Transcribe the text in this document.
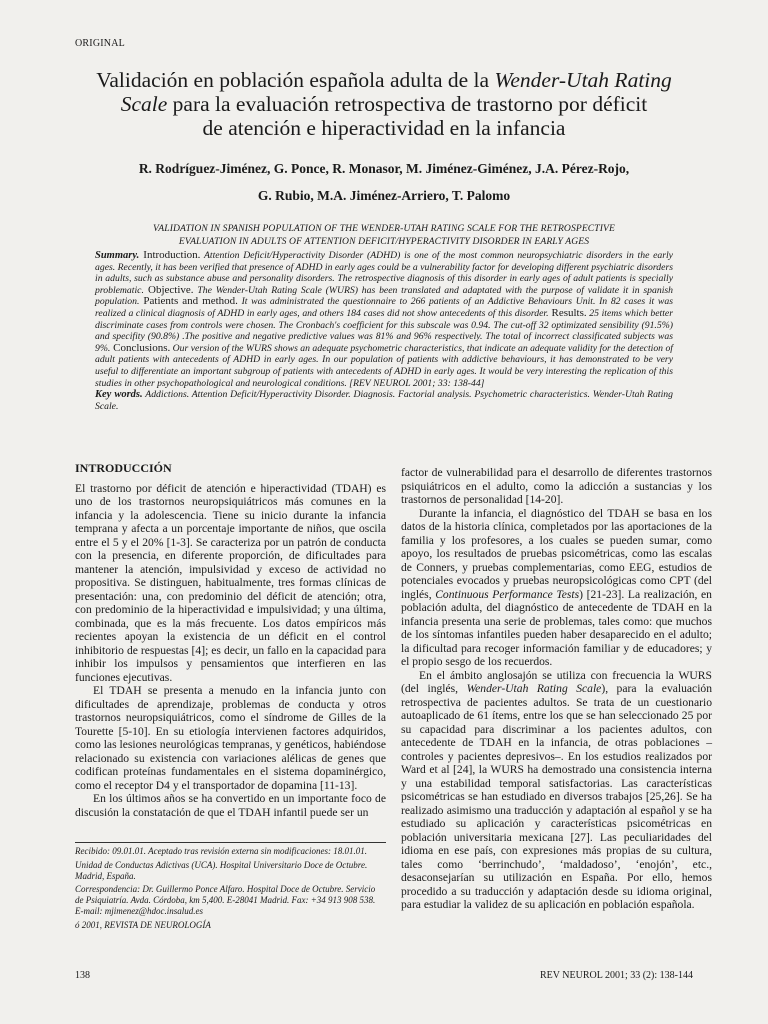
ORIGINAL
Validación en población española adulta de la Wender-Utah Rating
Scale para la evaluación retrospectiva de trastorno por déficit
de atención e hiperactividad en la infancia
R. Rodríguez-Jiménez, G. Ponce, R. Monasor, M. Jiménez-Giménez, J.A. Pérez-Rojo,
G. Rubio, M.A. Jiménez-Arriero, T. Palomo
VALIDATION IN SPANISH POPULATION OF THE WENDER-UTAH RATING SCALE FOR THE RETROSPECTIVE
EVALUATION IN ADULTS OF ATTENTION DEFICIT/HYPERACTIVITY DISORDER IN EARLY AGES

Summary. Introduction. Attention Deficit/Hyperactivity Disorder (ADHD) is one of the most common neuropsychiatric disorders in the early ages. Recently, it has been verified that presence of ADHD in early ages could be a vulnerability factor for developing different psychiatric disorders in adults, such as substance abuse and personality disorders. The retrospective diagnosis of this disorder in early ages of adult patients is specially problematic. Objective. The Wender-Utah Rating Scale (WURS) has been translated and adaptated with the purpose of validate it in spanish population. Patients and method. It was administrated the questionnaire to 266 patients of an Addictive Behaviours Unit. In 82 cases it was realized a clinical diagnosis of ADHD in early ages, and others 184 cases did not show antecedents of this disorder. Results. 25 items which better discriminate cases from controls were chosen. The Cronbach's coefficient for this subscale was 0.94. The cut-off 32 optimizated sensibility (91.5%) and specifity (90.8%) .The positive and negative predictive values was 81% and 96% respectively. The total of incorrect classificated subjects was 9%. Conclusions. Our version of the WURS shows an adequate psychometric characteristics, that indicate an adequate validity for the detection of adult patients with antecedents of ADHD in early ages. In our population of patients with addictive behaviours, it has demonstrated to be very useful to differentiate an important subgroup of patients with antecedents of ADHD in early ages. It would be very interesting the replication of this studies in other psychopathological and neurological conditions. [REV NEUROL 2001; 33: 138-44]

Key words. Addictions. Attention Deficit/Hyperactivity Disorder. Diagnosis. Factorial analysis. Psychometric characteristics. Wender-Utah Rating Scale.

INTRODUCCIÓN

El trastorno por déficit de atención e hiperactividad (TDAH) es uno de los trastornos neuropsiquiátricos más comunes en la infancia y la adolescencia. Tiene su inicio durante la infancia temprana y afecta a un porcentaje importante de niños, que oscila entre el 5 y el 20% [1-3]. Se caracteriza por un patrón de conducta con la presencia, en diferente proporción, de dificultades para mantener la atención, impulsividad y exceso de actividad no propositiva. Se distinguen, habitualmente, tres formas clínicas de presentación: una, con predominio del déficit de atención; otra, con predominio de la hiperactividad e impulsividad; y una última, combinada, que es la más frecuente. Los datos empíricos más recientes apoyan la existencia de un déficit en el control inhibitorio de respuestas [4]; es decir, un fallo en la capacidad para inhibir los impulsos y pensamientos que interfieren en las funciones ejecutivas.

El TDAH se presenta a menudo en la infancia junto con dificultades de aprendizaje, problemas de conducta y otros trastornos neuropsiquiátricos, como el síndrome de Gilles de la Tourette [5-10]. En su etiología intervienen factores adquiridos, como las lesiones neurológicas tempranas, y genéticos, habiéndose relacionado su existencia con variaciones alélicas de genes que codifican proteínas fundamentales en el sistema dopaminérgico, como el receptor D4 y el transportador de dopamina [11-13].

En los últimos años se ha convertido en un importante foco de discusión la constatación de que el TDAH infantil puede ser un

factor de vulnerabilidad para el desarrollo de diferentes trastornos psiquiátricos en el adulto, como la adicción a sustancias y los trastornos de personalidad [14-20].

Durante la infancia, el diagnóstico del TDAH se basa en los datos de la historia clínica, completados por las aportaciones de la familia y los profesores, a los cuales se pueden sumar, como apoyo, los resultados de pruebas psicométricas, como las escalas de Conners, y pruebas complementarias, como EEG, estudios de potenciales evocados y pruebas neuropsicológicas como CPT (del inglés, Continuous Performance Tests) [21-23]. La realización, en población adulta, del diagnóstico de antecedente de TDAH en la infancia presenta una serie de problemas, tales como: que muchos de los síntomas infantiles pueden haber desaparecido en el adulto; la dificultad para recoger información familiar y de educadores; y el propio sesgo de los recuerdos.

En el ámbito anglosajón se utiliza con frecuencia la WURS (del inglés, Wender-Utah Rating Scale), para la evaluación retrospectiva de pacientes adultos. Se trata de un cuestionario autoaplicado de 61 ítems, entre los que se han seleccionado 25 por su capacidad para discriminar a los pacientes adultos, con antecedente de TDAH en la infancia, de otras poblaciones –controles y pacientes depresivos–. En los estudios realizados por Ward et al [24], la WURS ha demostrado una consistencia interna y una estabilidad temporal satisfactorias. Las características psicométricas se han estudiado en diversos trabajos [25,26]. Se ha realizado asimismo una traducción y adaptación al español y se ha estudiado su aplicación y características psicométricas en población universitaria mexicana [27]. Las peculiaridades del idioma en ese país, con expresiones más propias de su cultura, tales como ‘berrinchudo’, ‘maldadoso’, ‘enojón’, etc., desaconsejarían su utilización en España. Por ello, hemos procedido a su traducción y adaptación desde su idioma original, para estudiar la validez de su aplicación en población española.

Recibido: 09.01.01. Aceptado tras revisión externa sin modificaciones: 18.01.01.

Unidad de Conductas Adictivas (UCA). Hospital Universitario Doce de Octubre. Madrid, España.

Correspondencia: Dr. Guillermo Ponce Alfaro. Hospital Doce de Octubre. Servicio de Psiquiatría. Avda. Córdoba, km 5,400. E-28041 Madrid. Fax: +34 913 908 538. E-mail: mjimenez@hdoc.insalud.es

ó 2001, REVISTA DE NEUROLOGÍA

138	REV NEUROL 2001; 33 (2): 138-144
